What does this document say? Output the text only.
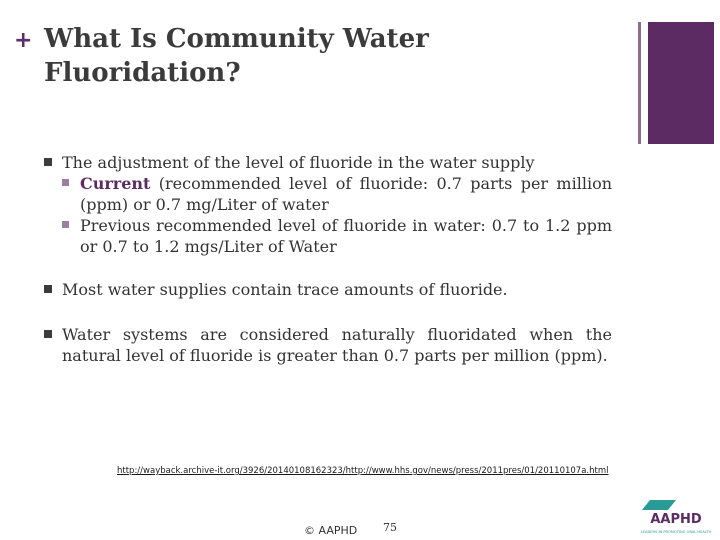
+ What Is Community Water
Fluoridation?
The adjustment of the level of fluoride in the water supply
Current (recommended level of fluoride: 0.7 parts per million (ppm) or 0.7 mg/Liter of water
Previous recommended level of fluoride in water: 0.7 to 1.2 ppm or 0.7 to 1.2 mgs/Liter of Water
Most water supplies contain trace amounts of fluoride.
Water systems are considered naturally fluoridated when the natural level of fluoride is greater than 0.7 parts per million (ppm).
http://wayback.archive-it.org/3926/20140108162323/http://www.hhs.gov/news/press/2011pres/01/20110107a.html
© AAPHD 75
AAPHD
LEADERS IN PROMOTING ORAL HEALTH
